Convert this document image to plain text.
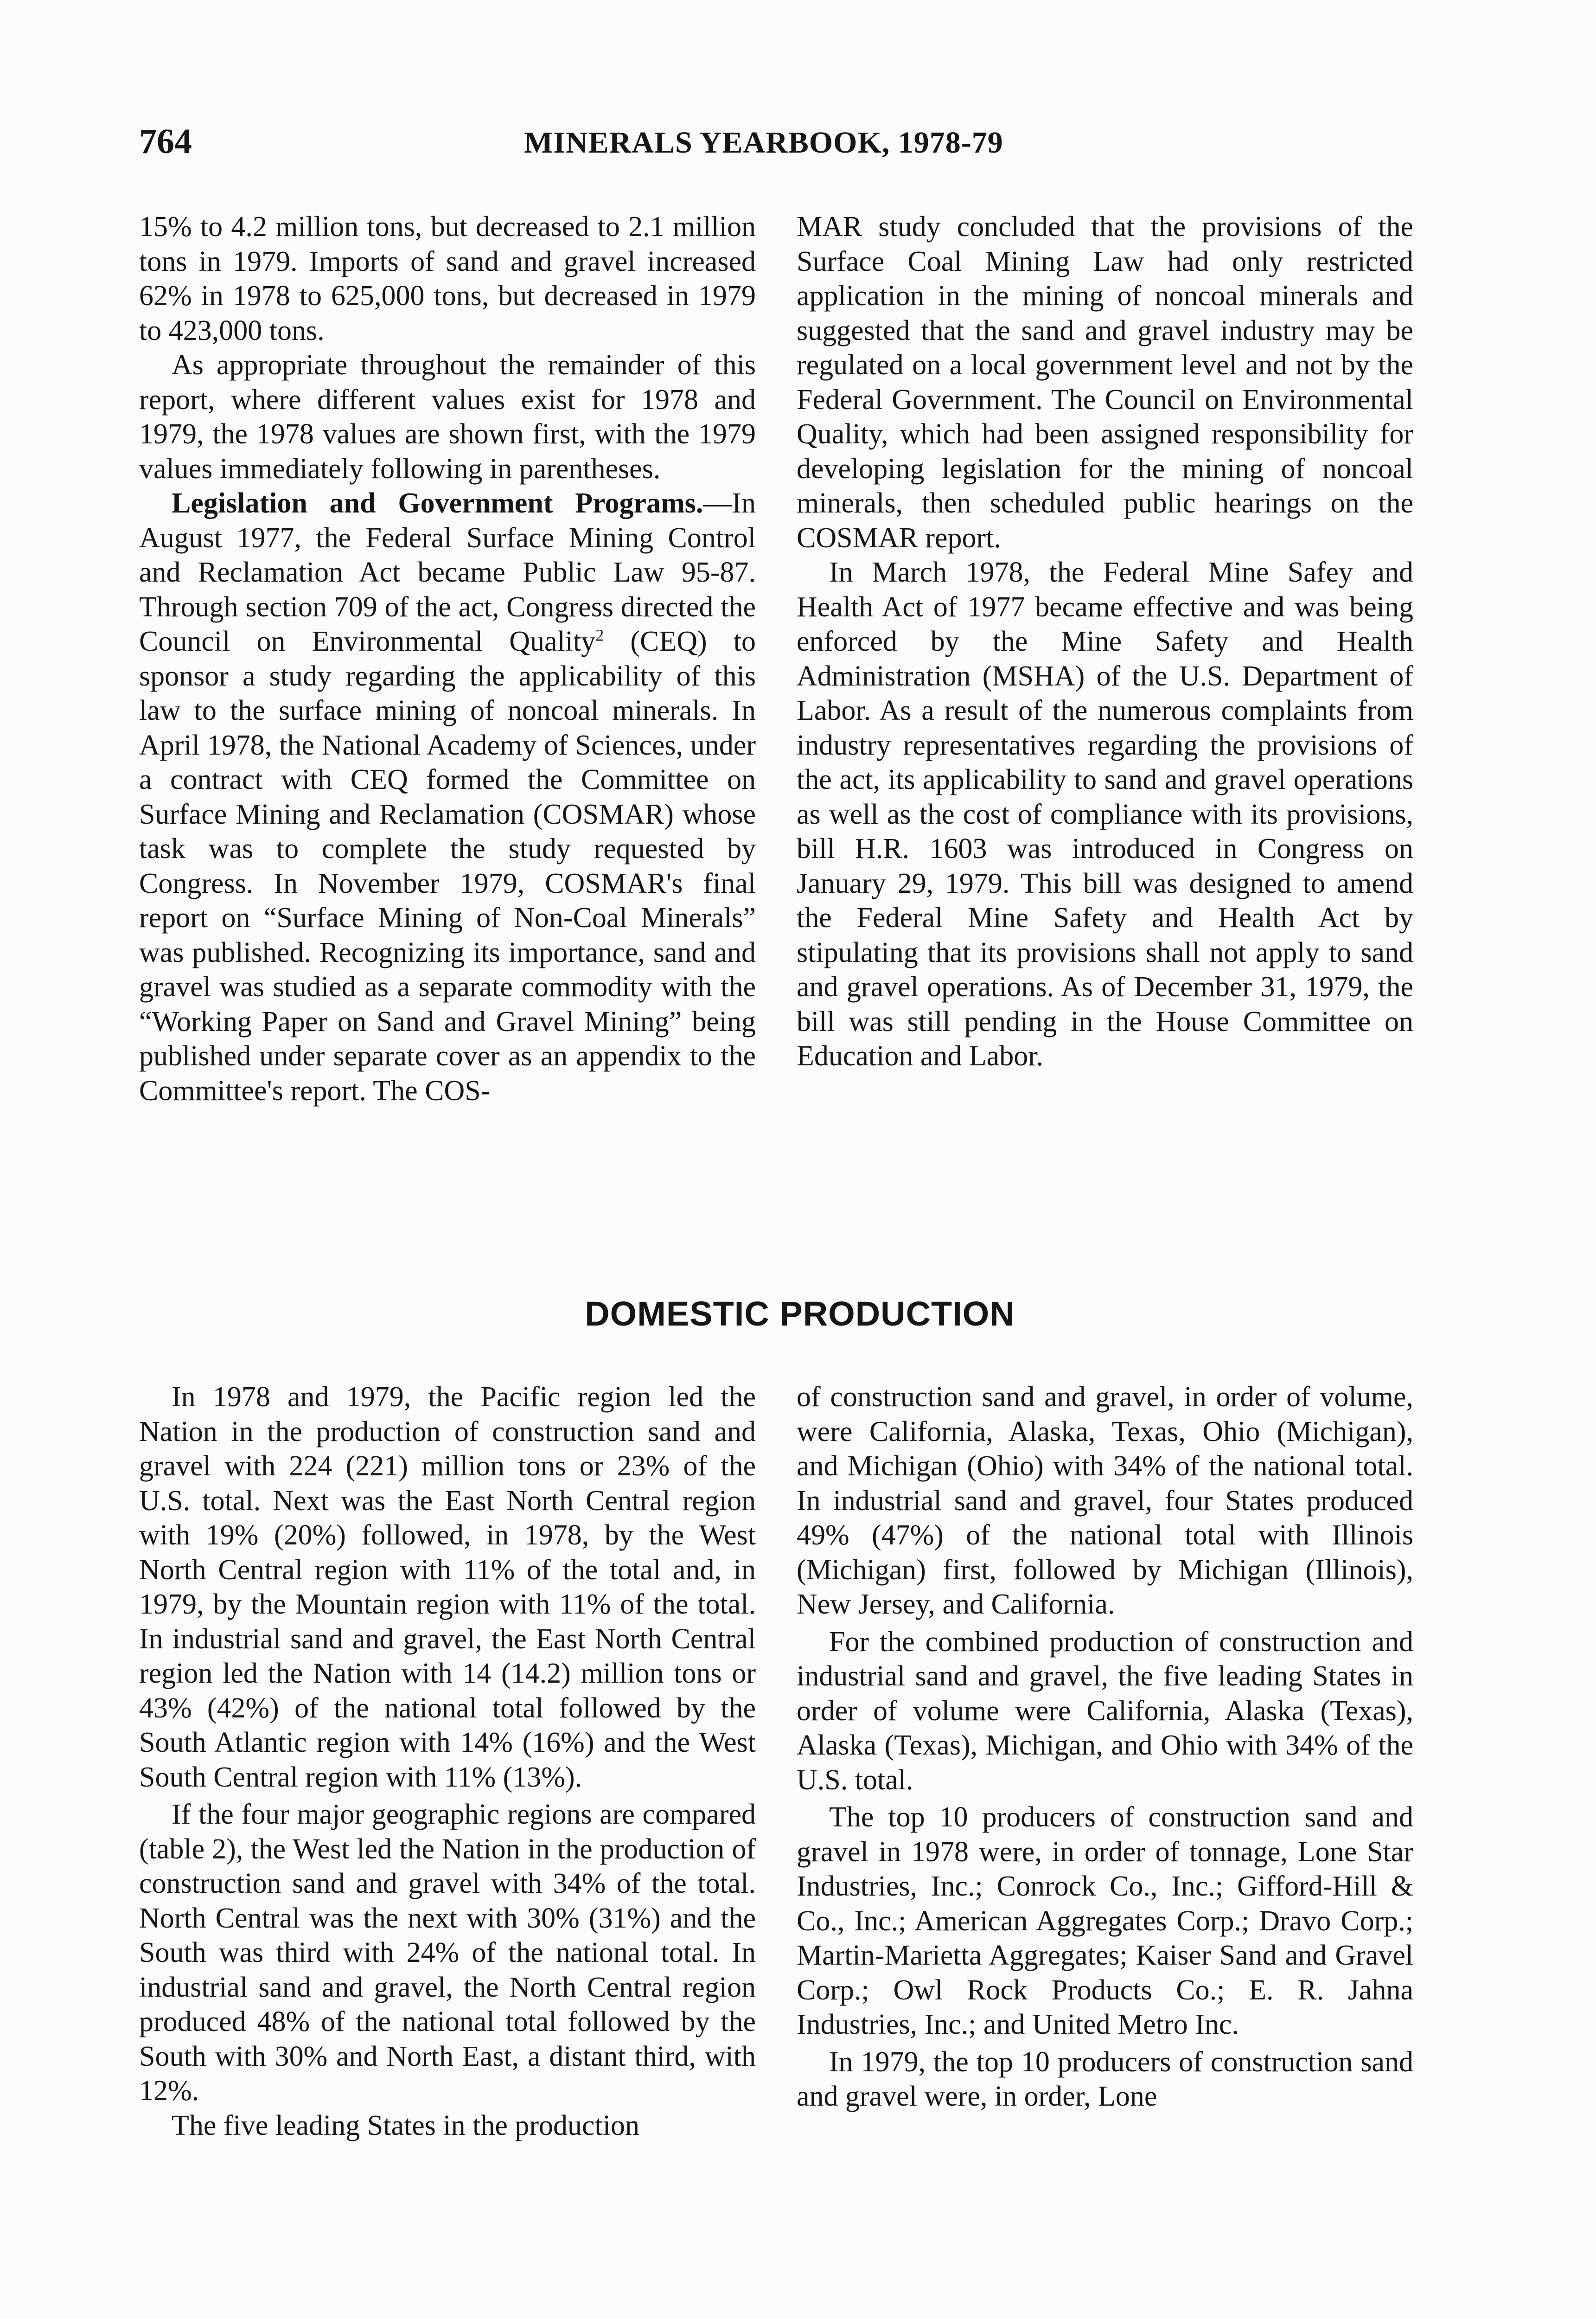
764	MINERALS YEARBOOK, 1978-79

15% to 4.2 million tons, but decreased to 2.1 million tons in 1979. Imports of sand and gravel increased 62% in 1978 to 625,000 tons, but decreased in 1979 to 423,000 tons.

As appropriate throughout the remainder of this report, where different values exist for 1978 and 1979, the 1978 values are shown first, with the 1979 values immediately following in parentheses.

Legislation and Government Programs.—In August 1977, the Federal Surface Mining Control and Reclamation Act became Public Law 95-87. Through section 709 of the act, Congress directed the Council on Environmental Quality$^2$ (CEQ) to sponsor a study regarding the applicability of this law to the surface mining of noncoal minerals. In April 1978, the National Academy of Sciences, under a contract with CEQ formed the Committee on Surface Mining and Reclamation (COSMAR) whose task was to complete the study requested by Congress. In November 1979, COSMAR's final report on “Surface Mining of Non-Coal Minerals” was published. Recognizing its importance, sand and gravel was studied as a separate commodity with the “Working Paper on Sand and Gravel Mining” being published under separate cover as an appendix to the Committee's report. The COS-

MAR study concluded that the provisions of the Surface Coal Mining Law had only restricted application in the mining of noncoal minerals and suggested that the sand and gravel industry may be regulated on a local government level and not by the Federal Government. The Council on Environmental Quality, which had been assigned responsibility for developing legislation for the mining of noncoal minerals, then scheduled public hearings on the COSMAR report.

In March 1978, the Federal Mine Safey and Health Act of 1977 became effective and was being enforced by the Mine Safety and Health Administration (MSHA) of the U.S. Department of Labor. As a result of the numerous complaints from industry representatives regarding the provisions of the act, its applicability to sand and gravel operations as well as the cost of compliance with its provisions, bill H.R. 1603 was introduced in Congress on January 29, 1979. This bill was designed to amend the Federal Mine Safety and Health Act by stipulating that its provisions shall not apply to sand and gravel operations. As of December 31, 1979, the bill was still pending in the House Committee on Education and Labor.

DOMESTIC PRODUCTION

In 1978 and 1979, the Pacific region led the Nation in the production of construction sand and gravel with 224 (221) million tons or 23% of the U.S. total. Next was the East North Central region with 19% (20%) followed, in 1978, by the West North Central region with 11% of the total and, in 1979, by the Mountain region with 11% of the total. In industrial sand and gravel, the East North Central region led the Nation with 14 (14.2) million tons or 43% (42%) of the national total followed by the South Atlantic region with 14% (16%) and the West South Central region with 11% (13%).

If the four major geographic regions are compared (table 2), the West led the Nation in the production of construction sand and gravel with 34% of the total. North Central was the next with 30% (31%) and the South was third with 24% of the national total. In industrial sand and gravel, the North Central region produced 48% of the national total followed by the South with 30% and North East, a distant third, with 12%.

The five leading States in the production

of construction sand and gravel, in order of volume, were California, Alaska, Texas, Ohio (Michigan), and Michigan (Ohio) with 34% of the national total. In industrial sand and gravel, four States produced 49% (47%) of the national total with Illinois (Michigan) first, followed by Michigan (Illinois), New Jersey, and California.

For the combined production of construction and industrial sand and gravel, the five leading States in order of volume were California, Alaska (Texas), Alaska (Texas), Michigan, and Ohio with 34% of the U.S. total.

The top 10 producers of construction sand and gravel in 1978 were, in order of tonnage, Lone Star Industries, Inc.; Conrock Co., Inc.; Gifford-Hill & Co., Inc.; American Aggregates Corp.; Dravo Corp.; Martin-Marietta Aggregates; Kaiser Sand and Gravel Corp.; Owl Rock Products Co.; E. R. Jahna Industries, Inc.; and United Metro Inc.

In 1979, the top 10 producers of construction sand and gravel were, in order, Lone
